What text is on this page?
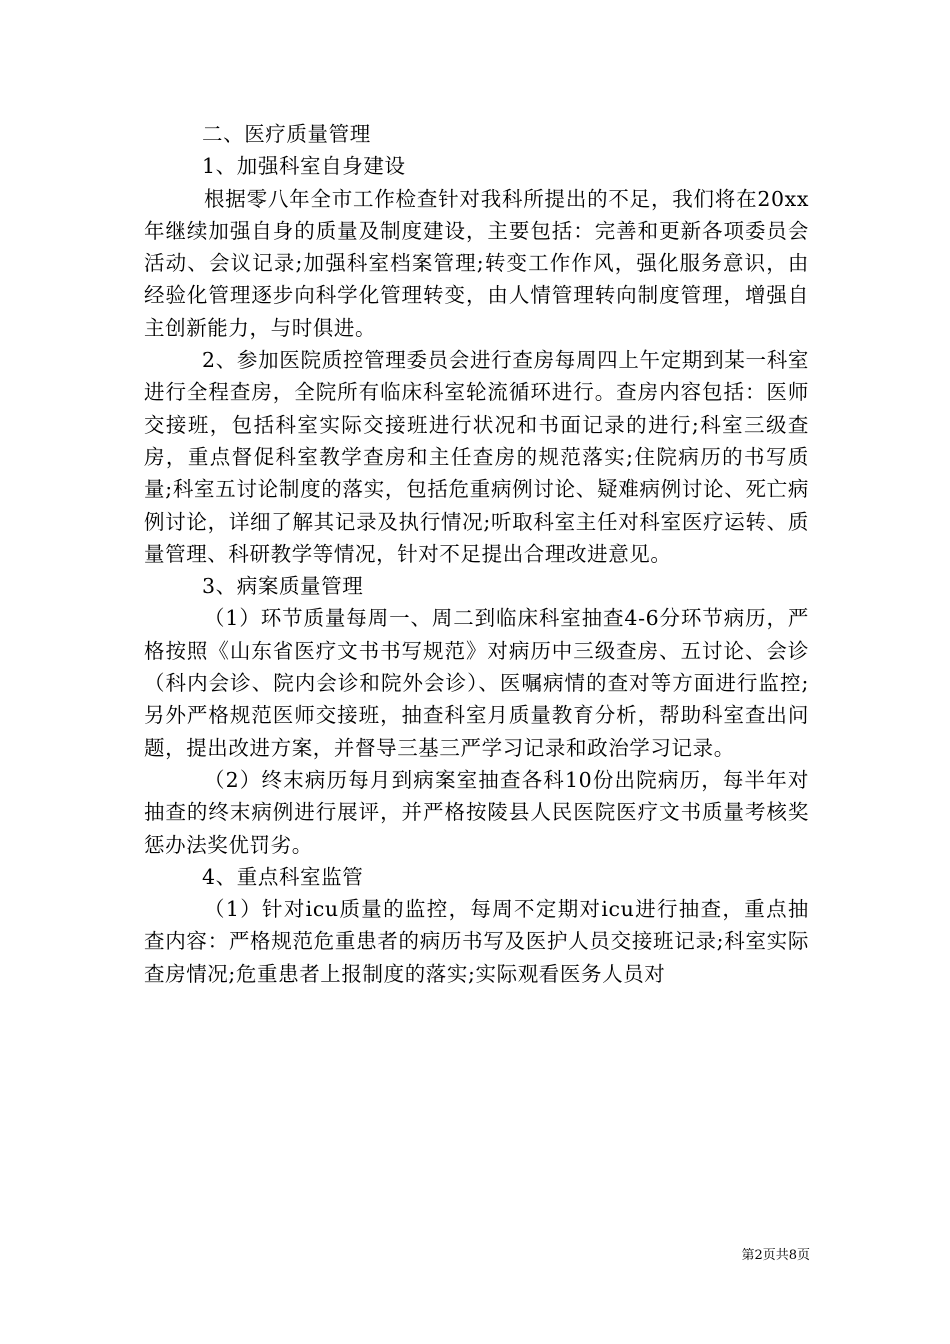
二、医疗质量管理

1、加强科室自身建设

根据零八年全市工作检查针对我科所提出的不足，我们将在20xx年继续加强自身的质量及制度建设，主要包括：完善和更新各项委员会活动、会议记录;加强科室档案管理;转变工作作风，强化服务意识，由经验化管理逐步向科学化管理转变，由人情管理转向制度管理，增强自主创新能力，与时俱进。

2、参加医院质控管理委员会进行查房每周四上午定期到某一科室进行全程查房，全院所有临床科室轮流循环进行。查房内容包括：医师交接班，包括科室实际交接班进行状况和书面记录的进行;科室三级查房，重点督促科室教学查房和主任查房的规范落实;住院病历的书写质量;科室五讨论制度的落实，包括危重病例讨论、疑难病例讨论、死亡病例讨论，详细了解其记录及执行情况;听取科室主任对科室医疗运转、质量管理、科研教学等情况，针对不足提出合理改进意见。

3、病案质量管理

（1）环节质量每周一、周二到临床科室抽查4-6分环节病历，严格按照《山东省医疗文书书写规范》对病历中三级查房、五讨论、会诊（科内会诊、院内会诊和院外会诊）、医嘱病情的查对等方面进行监控;另外严格规范医师交接班，抽查科室月质量教育分析，帮助科室查出问题，提出改进方案，并督导三基三严学习记录和政治学习记录。

（2）终末病历每月到病案室抽查各科10份出院病历，每半年对抽查的终末病例进行展评，并严格按陵县人民医院医疗文书质量考核奖惩办法奖优罚劣。

4、重点科室监管

（1）针对icu质量的监控，每周不定期对icu进行抽查，重点抽查内容：严格规范危重患者的病历书写及医护人员交接班记录;科室实际查房情况;危重患者上报制度的落实;实际观看医务人员对

第2页共8页
